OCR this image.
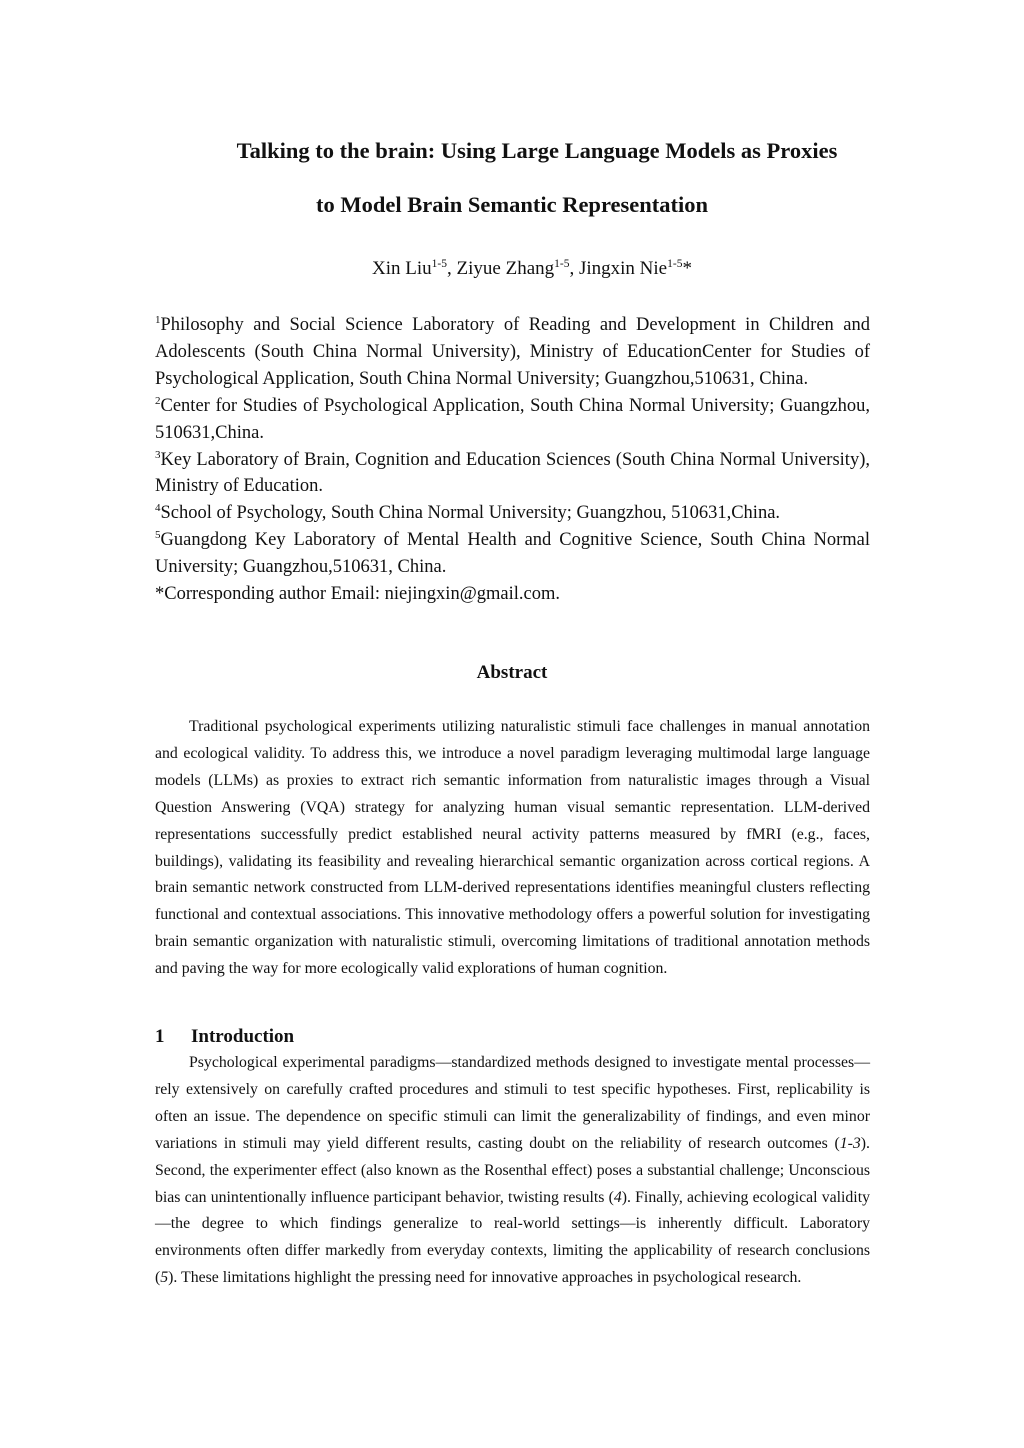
Talking to the brain: Using Large Language Models as Proxies
to Model Brain Semantic Representation
Xin Liu$^{1-5}$, Ziyue Zhang$^{1-5}$, Jingxin Nie$^{1-5}$*

$^1$Philosophy and Social Science Laboratory of Reading and Development in Children and Adolescents (South China Normal University), Ministry of EducationCenter for Studies of Psychological Application, South China Normal University; Guangzhou,510631, China.

$^2$Center for Studies of Psychological Application, South China Normal University; Guangzhou, 510631,China.

$^3$Key Laboratory of Brain, Cognition and Education Sciences (South China Normal University), Ministry of Education.

$^4$School of Psychology, South China Normal University; Guangzhou, 510631,China.

$^5$Guangdong Key Laboratory of Mental Health and Cognitive Science, South China Normal University; Guangzhou,510631, China.

*Corresponding author Email: niejingxin@gmail.com.

Abstract

Traditional psychological experiments utilizing naturalistic stimuli face challenges in manual annotation and ecological validity. To address this, we introduce a novel paradigm leveraging multimodal large language models (LLMs) as proxies to extract rich semantic information from naturalistic images through a Visual Question Answering (VQA) strategy for analyzing human visual semantic representation. LLM-derived representations successfully predict established neural activity patterns measured by fMRI (e.g., faces, buildings), validating its feasibility and revealing hierarchical semantic organization across cortical regions. A brain semantic network constructed from LLM-derived representations identifies meaningful clusters reflecting functional and contextual associations. This innovative methodology offers a powerful solution for investigating brain semantic organization with naturalistic stimuli, overcoming limitations of traditional annotation methods and paving the way for more ecologically valid explorations of human cognition.

1 Introduction

Psychological experimental paradigms—standardized methods designed to investigate mental processes—rely extensively on carefully crafted procedures and stimuli to test specific hypotheses. First, replicability is often an issue. The dependence on specific stimuli can limit the generalizability of findings, and even minor variations in stimuli may yield different results, casting doubt on the reliability of research outcomes (1-3). Second, the experimenter effect (also known as the Rosenthal effect) poses a substantial challenge; Unconscious bias can unintentionally influence participant behavior, twisting results (4). Finally, achieving ecological validity—the degree to which findings generalize to real-world settings—is inherently difficult. Laboratory environments often differ markedly from everyday contexts, limiting the applicability of research conclusions (5). These limitations highlight the pressing need for innovative approaches in psychological research.
